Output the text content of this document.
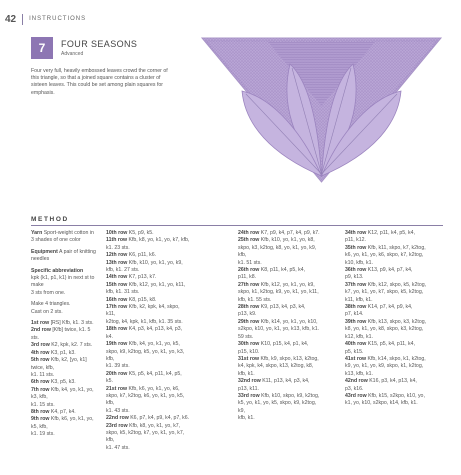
42 INSTRUCTIONS
7	FOUR SEASONS
Advanced
Four very full, heavily embossed leaves crowd the corner of this triangle, so that a joined square contains a cluster of sixteen leaves. This could be set among plain squares for emphasis.
METHOD

Yarn Sport-weight cotton in
3 shades of one color

Equipment A pair of knitting
needles

Specific abbreviation
kpk (k1, p1, k1) in next st to make
3 sts from one.

Make 4 triangles.
Cast on 2 sts.

1st row [RS] Kfb, k1. 3 sts.
2nd row [Kfb] twice, k1. 5 sts.
3rd row K2, kpk, k2. 7 sts.
4th row K3, p1, k3.
5th row Kfb, k2, [yo, k1] twice, kfb,
k1. 11 sts.
6th row K3, p5, k3.
7th row Kfb, k4, yo, k1, yo, k3, kfb,
k1. 15 sts.
8th row K4, p7, k4.
9th row Kfb, k6, yo, k1, yo, k5, kfb,
k1. 19 sts.
10th row K5, p9, k5.
11th row Kfb, k8, yo, k1, yo, k7, kfb,
k1. 23 sts.
12th row K6, p11, k6.
13th row Kfb, k10, yo, k1, yo, k9,
kfb, k1. 27 sts.
14th row K7, p13, k7.
15th row Kfb, k12, yo, k1, yo, k11,
kfb, k1. 31 sts.
16th row K8, p15, k8.
17th row Kfb, k2, kpk, k4, skpo, k11,
k2tog, k4, kpk, k1, kfb, k1. 35 sts.
18th row K4, p3, k4, p13, k4, p3, k4.
19th row Kfb, k4, yo, k1, yo, k5,
skpo, k9, k2tog, k5, yo, k1, yo, k3, kfb,
k1. 39 sts.
20th row K5, p5, k4, p11, k4, p5, k5.
21st row Kfb, k6, yo, k1, yo, k6,
skpo, k7, k2tog, k6, yo, k1, yo, k5, kfb,
k1. 43 sts.
22nd row K6, p7, k4, p9, k4, p7, k6.
23rd row Kfb, k8, yo, k1, yo, k7,
skpo, k5, k2tog, k7, yo, k1, yo, k7, kfb,
k1. 47 sts.
24th row K7, p9, k4, p7, k4, p9, k7.
25th row Kfb, k10, yo, k1, yo, k8,
skpo, k3, k2tog, k8, yo, k1, yo, k9, kfb,
k1. 51 sts.
26th row K8, p11, k4, p5, k4,
p11, k8.
27th row Kfb, k12, yo, k1, yo, k9,
skpo, k1, k2tog, k9, yo, k1, yo, k11,
kfb, k1. 55 sts.
28th row K9, p13, k4, p3, k4,
p13, k9.
29th row Kfb, k14, yo, k1, yo, k10,
s2kpo, k10, yo, k1, yo, k13, kfb, k1.
59 sts.
30th row K10, p15, k4, p1, k4,
p15, k10.
31st row Kfb, k9, skpo, k13, k2tog,
k4, kpk, k4, skpo, k13, k2tog, k8,
kfb, k1.
32nd row K11, p13, k4, p3, k4,
p13, k11.
33rd row Kfb, k10, skpo, k9, k2tog,
k5, yo, k1, yo, k5, skpo, k9, k2tog, k9,
kfb, k1.
34th row K12, p11, k4, p5, k4,
p11, k12.
35th row Kfb, k11, skpo, k7, k2tog,
k6, yo, k1, yo, k6, skpo, k7, k2tog,
k10, kfb, k1.
36th row K13, p9, k4, p7, k4,
p9, k13.
37th row Kfb, k12, skpo, k5, k2tog,
k7, yo, k1, yo, k7, skpo, k5, k2tog,
k11, kfb, k1.
38th row K14, p7, k4, p9, k4,
p7, k14.
39th row Kfb, k13, skpo, k3, k2tog,
k8, yo, k1, yo, k8, skpo, k3, k2tog,
k12, kfb, k1.
40th row K15, p5, k4, p11, k4,
p5, k15.
41st row Kfb, k14, skpo, k1, k2tog,
k9, yo, k1, yo, k9, skpo, k1, k2tog,
k13, kfb, k1.
42nd row K16, p3, k4, p13, k4,
p3, k16.
43rd row Kfb, k15, s2kpo, k10, yo,
k1, yo, k10, s2kpo, k14, kfb, k1.
